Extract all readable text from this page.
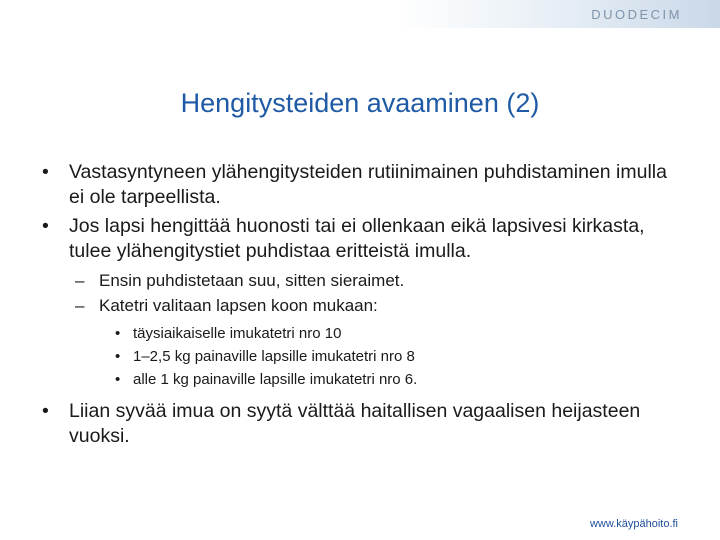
DUODECIM
Hengitysteiden avaaminen (2)
• Vastasyntyneen ylähengitysteiden rutiinimainen puhdistaminen imulla ei ole tarpeellista.
• Jos lapsi hengittää huonosti tai ei ollenkaan eikä lapsivesi kirkasta, tulee ylähengitystiet puhdistaa eritteistä imulla.
– Ensin puhdistetaan suu, sitten sieraimet.
– Katetri valitaan lapsen koon mukaan:
• täysiaikaiselle imukatetri nro 10
• 1–2,5 kg painaville lapsille imukatetri nro 8
• alle 1 kg painaville lapsille imukatetri nro 6.
• Liian syvää imua on syytä välttää haitallisen vagaalisen heijasteen vuoksi.
www.käypähoito.fi
